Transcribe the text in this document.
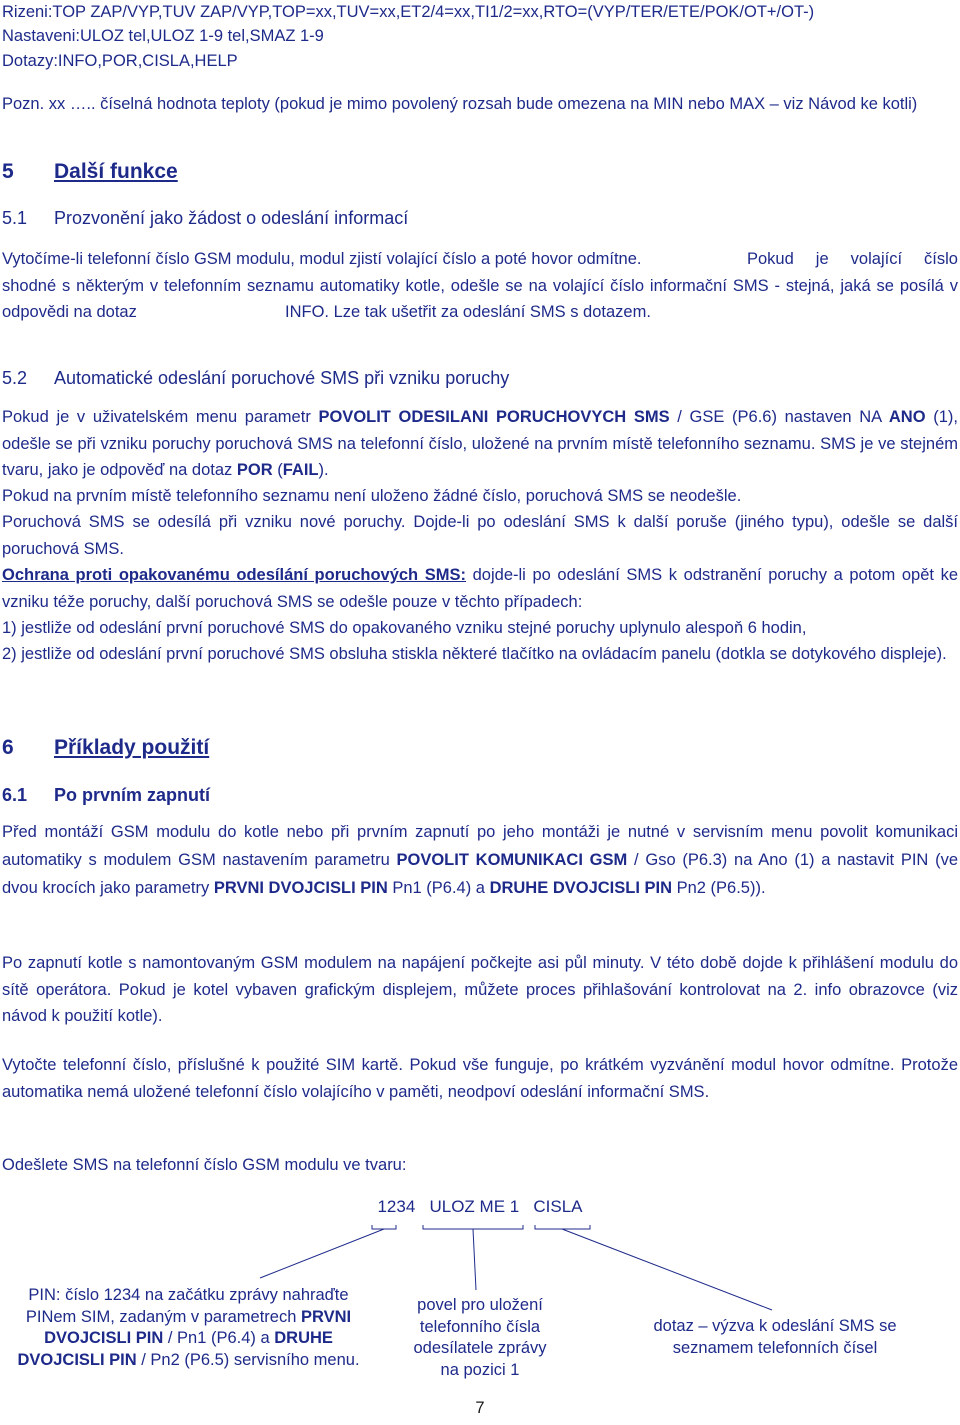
Rizeni:TOP ZAP/VYP,TUV ZAP/VYP,TOP=xx,TUV=xx,ET2/4=xx,TI1/2=xx,RTO=(VYP/TER/ETE/POK/OT+/OT-)
Nastaveni:ULOZ tel,ULOZ 1-9 tel,SMAZ 1-9
Dotazy:INFO,POR,CISLA,HELP
Pozn. xx ….. číselná hodnota teploty (pokud je mimo povolený rozsah bude omezena na MIN nebo MAX – viz Návod ke kotli)
5 Další funkce
5.1 Prozvonění jako žádost o odeslání informací
Vytočíme-li telefonní číslo GSM modulu, modul zjistí volající číslo a poté hovor odmítne.	Pokud je volající číslo shodné s některým v telefonním seznamu automatiky kotle, odešle se na volající číslo informační SMS - stejná, jaká se posílá v odpovědi na dotaz	INFO. Lze tak ušetřit za odeslání SMS s dotazem.
5.2 Automatické odeslání poruchové SMS při vzniku poruchy
Pokud je v uživatelském menu parametr POVOLIT ODESILANI PORUCHOVYCH SMS / GSE (P6.6) nastaven NA ANO (1), odešle se při vzniku poruchy poruchová SMS na telefonní číslo, uložené na prvním místě telefonního seznamu. SMS je ve stejném tvaru, jako je odpověď na dotaz POR (FAIL).
Pokud na prvním místě telefonního seznamu není uloženo žádné číslo, poruchová SMS se neodešle.
Poruchová SMS se odesílá při vzniku nové poruchy. Dojde-li po odeslání SMS k další poruše (jiného typu), odešle se další poruchová SMS.
Ochrana proti opakovanému odesílání poruchových SMS: dojde-li po odeslání SMS k odstranění poruchy a potom opět ke vzniku téže poruchy, další poruchová SMS se odešle pouze v těchto případech:
1) jestliže od odeslání první poruchové SMS do opakovaného vzniku stejné poruchy uplynulo alespoň 6 hodin,
2) jestliže od odeslání první poruchové SMS obsluha stiskla některé tlačítko na ovládacím panelu (dotkla se dotykového displeje).
6 Příklady použití
6.1 Po prvním zapnutí
Před montáží GSM modulu do kotle nebo při prvním zapnutí po jeho montáži je nutné v servisním menu povolit komunikaci automatiky s modulem GSM nastavením parametru POVOLIT KOMUNIKACI GSM / Gso (P6.3) na Ano (1) a nastavit PIN (ve dvou krocích jako parametry PRVNI DVOJCISLI PIN Pn1 (P6.4) a DRUHE DVOJCISLI PIN Pn2 (P6.5)).
Po zapnutí kotle s namontovaným GSM modulem na napájení počkejte asi půl minuty. V této době dojde k přihlášení modulu do sítě operátora. Pokud je kotel vybaven grafickým displejem, můžete proces přihlašování kontrolovat na 2. info obrazovce (viz návod k použití kotle).
Vytočte telefonní číslo, příslušné k použité SIM kartě. Pokud vše funguje, po krátkém vyzvánění modul hovor odmítne. Protože automatika nemá uložené telefonní číslo volajícího v paměti, neodpoví odeslání informační SMS.
Odešlete SMS na telefonní číslo GSM modulu ve tvaru:
1234 ULOZ ME 1 CISLA
PIN: číslo 1234 na začátku zprávy nahraďte PINem SIM, zadaným v parametrech PRVNI DVOJCISLI PIN / Pn1 (P6.4) a DRUHE DVOJCISLI PIN / Pn2 (P6.5) servisního menu.
povel pro uložení
telefonního čísla
odesílatele zprávy
na pozici 1
dotaz – výzva k odeslání SMS se
seznamem telefonních čísel
7
